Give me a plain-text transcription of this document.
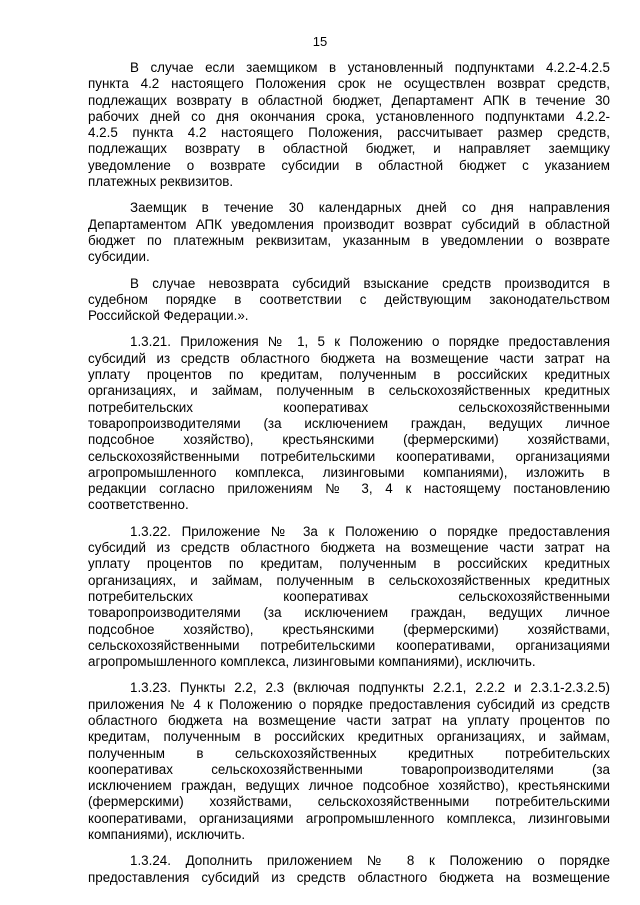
15
В случае если заемщиком в установленный подпунктами 4.2.2-4.2.5
пункта 4.2 настоящего Положения срок не осуществлен возврат средств,
подлежащих возврату в областной бюджет, Департамент АПК в течение 30
рабочих дней со дня окончания срока, установленного подпунктами 4.2.2-
4.2.5 пункта 4.2 настоящего Положения, рассчитывает размер средств,
подлежащих возврату в областной бюджет, и направляет заемщику
уведомление о возврате субсидии в областной бюджет с указанием
платежных реквизитов.
Заемщик в течение 30 календарных дней со дня направления
Департаментом АПК уведомления производит возврат субсидий в областной
бюджет по платежным реквизитам, указанным в уведомлении о возврате
субсидии.
В случае невозврата субсидий взыскание средств производится в
судебном порядке в соответствии с действующим законодательством
Российской Федерации.».
1.3.21. Приложения № 1, 5 к Положению о порядке предоставления
субсидий из средств областного бюджета на возмещение части затрат на
уплату процентов по кредитам, полученным в российских кредитных
организациях, и займам, полученным в сельскохозяйственных кредитных
потребительских кооперативах сельскохозяйственными
товаропроизводителями (за исключением граждан, ведущих личное
подсобное хозяйство), крестьянскими (фермерскими) хозяйствами,
сельскохозяйственными потребительскими кооперативами, организациями
агропромышленного комплекса, лизинговыми компаниями), изложить в
редакции согласно приложениям № 3, 4 к настоящему постановлению
соответственно.
1.3.22. Приложение № 3а к Положению о порядке предоставления
субсидий из средств областного бюджета на возмещение части затрат на
уплату процентов по кредитам, полученным в российских кредитных
организациях, и займам, полученным в сельскохозяйственных кредитных
потребительских кооперативах сельскохозяйственными
товаропроизводителями (за исключением граждан, ведущих личное
подсобное хозяйство), крестьянскими (фермерскими) хозяйствами,
сельскохозяйственными потребительскими кооперативами, организациями
агропромышленного комплекса, лизинговыми компаниями), исключить.
1.3.23. Пункты 2.2, 2.3 (включая подпункты 2.2.1, 2.2.2 и 2.3.1-2.3.2.5)
приложения № 4 к Положению о порядке предоставления субсидий из средств
областного бюджета на возмещение части затрат на уплату процентов по
кредитам, полученным в российских кредитных организациях, и займам,
полученным в сельскохозяйственных кредитных потребительских
кооперативах сельскохозяйственными товаропроизводителями (за
исключением граждан, ведущих личное подсобное хозяйство), крестьянскими
(фермерскими) хозяйствами, сельскохозяйственными потребительскими
кооперативами, организациями агропромышленного комплекса, лизинговыми
компаниями), исключить.
1.3.24. Дополнить приложением № 8 к Положению о порядке
предоставления субсидий из средств областного бюджета на возмещение
